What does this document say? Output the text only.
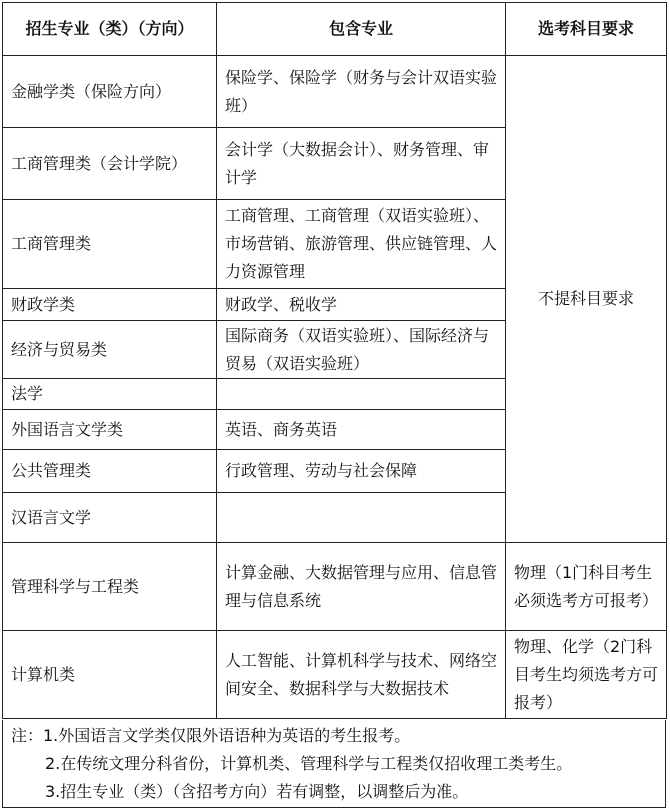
招生专业（类）（方向）	包含专业	选考科目要求
金融学类（保险方向）	保险学、保险学（财务与会计双语实验班）	不提科目要求
工商管理类（会计学院）	会计学（大数据会计）、财务管理、审计学	
工商管理类	工商管理、工商管理（双语实验班）、市场营销、旅游管理、供应链管理、人力资源管理	
财政学类	财政学、税收学	
经济与贸易类	国际商务（双语实验班）、国际经济与贸易（双语实验班）	
法学		
外国语言文学类	英语、商务英语	
公共管理类	行政管理、劳动与社会保障	
汉语言文学		
管理科学与工程类	计算金融、大数据管理与应用、信息管理与信息系统	物理（1门科目考生必须选考方可报考）
计算机类	人工智能、计算机科学与技术、网络空间安全、数据科学与大数据技术	物理、化学（2门科目考生均须选考方可报考）
注：1.外国语言文学类仅限外语语种为英语的考生报考。
2.在传统文理分科省份，计算机类、管理科学与工程类仅招收理工类考生。
3.招生专业（类）（含招考方向）若有调整，以调整后为准。
